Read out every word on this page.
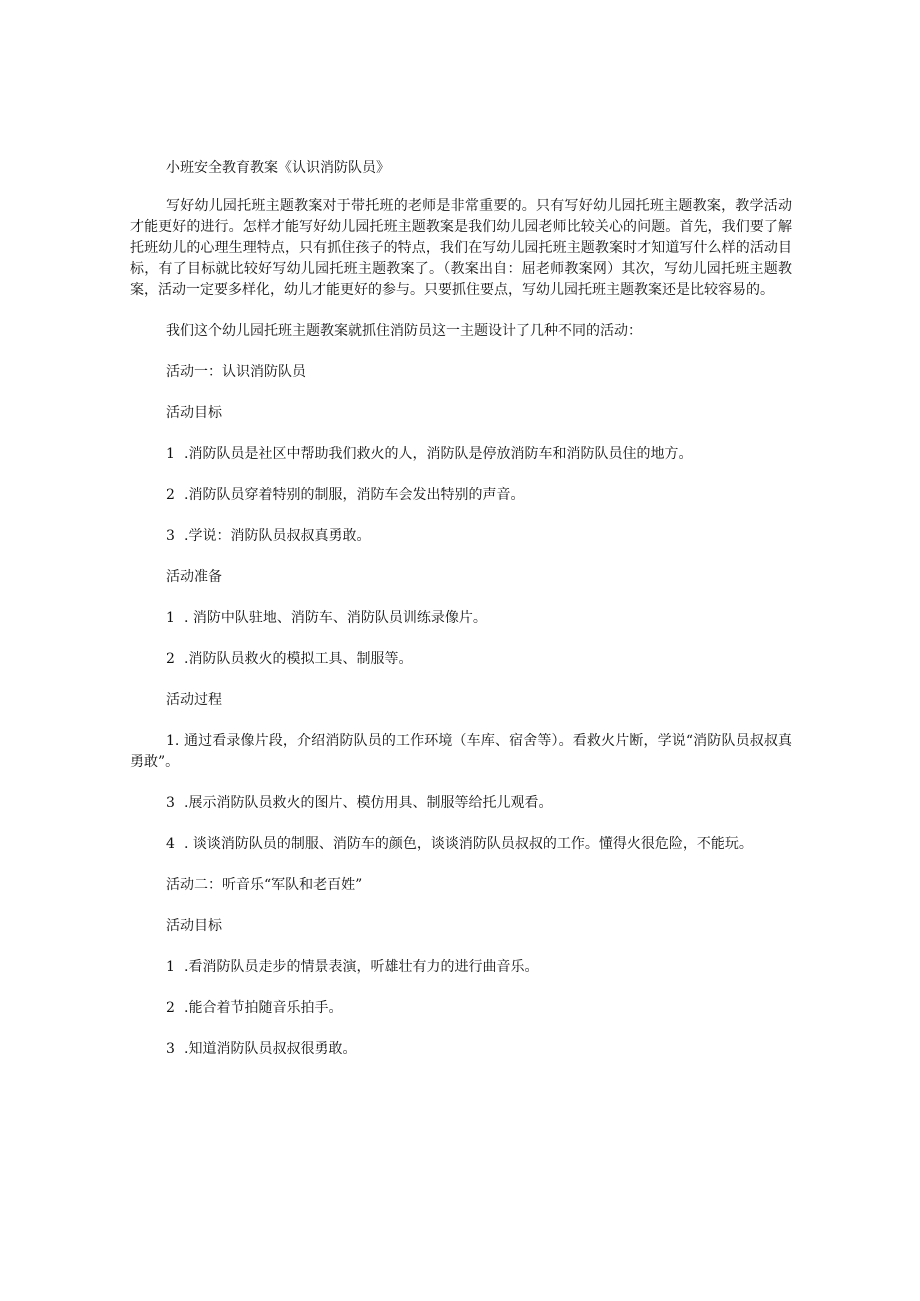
小班安全教育教案《认识消防队员》

写好幼儿园托班主题教案对于带托班的老师是非常重要的。只有写好幼儿园托班主题教案，教学活动才能更好的进行。怎样才能写好幼儿园托班主题教案是我们幼儿园老师比较关心的问题。首先，我们要了解托班幼儿的心理生理特点，只有抓住孩子的特点，我们在写幼儿园托班主题教案时才知道写什么样的活动目标，有了目标就比较好写幼儿园托班主题教案了。（教案出自：屈老师教案网）其次，写幼儿园托班主题教案，活动一定要多样化，幼儿才能更好的参与。只要抓住要点，写幼儿园托班主题教案还是比较容易的。

我们这个幼儿园托班主题教案就抓住消防员这一主题设计了几种不同的活动：

活动一：认识消防队员

活动目标

1 .消防队员是社区中帮助我们救火的人，消防队是停放消防车和消防队员住的地方。

2 .消防队员穿着特别的制服，消防车会发出特别的声音。

3 .学说：消防队员叔叔真勇敢。

活动准备

1 . 消防中队驻地、消防车、消防队员训练录像片。

2 .消防队员救火的模拟工具、制服等。

活动过程

1. 通过看录像片段，介绍消防队员的工作环境（车库、宿舍等）。看救火片断，学说“消防队员叔叔真勇敢”。

3 .展示消防队员救火的图片、模仿用具、制服等给托儿观看。

4 . 谈谈消防队员的制服、消防车的颜色，谈谈消防队员叔叔的工作。懂得火很危险，不能玩。

活动二：听音乐“军队和老百姓”

活动目标

1 .看消防队员走步的情景表演，听雄壮有力的进行曲音乐。

2 .能合着节拍随音乐拍手。

3 .知道消防队员叔叔很勇敢。
